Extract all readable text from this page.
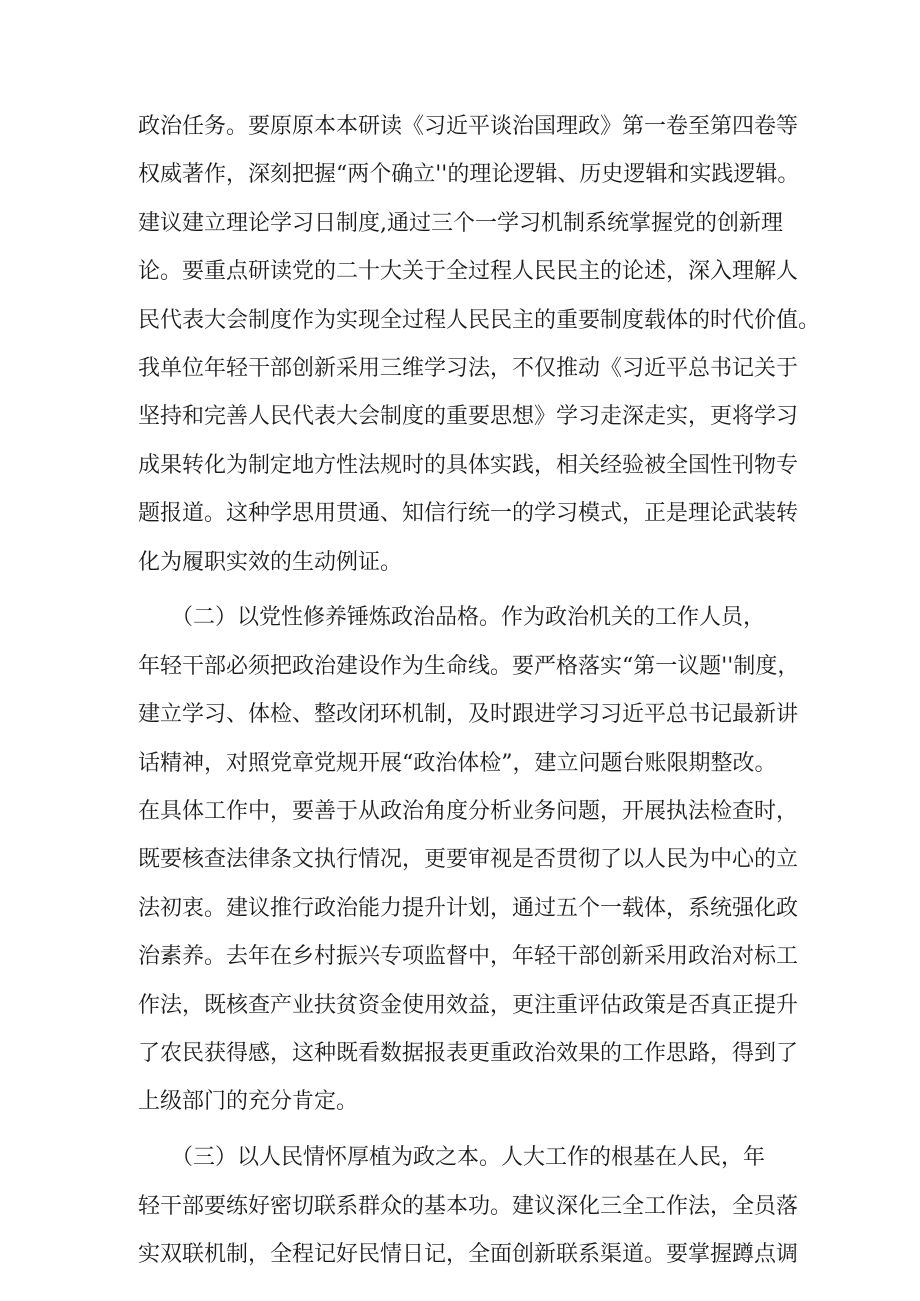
政治任务。要原原本本研读《习近平谈治国理政》第一卷至第四卷等
权威著作，深刻把握“两个确立''的理论逻辑、历史逻辑和实践逻辑。
建议建立理论学习日制度,通过三个一学习机制系统掌握党的创新理
论。要重点研读党的二十大关于全过程人民民主的论述，深入理解人
民代表大会制度作为实现全过程人民民主的重要制度载体的时代价值。
我单位年轻干部创新采用三维学习法，不仅推动《习近平总书记关于
坚持和完善人民代表大会制度的重要思想》学习走深走实，更将学习
成果转化为制定地方性法规时的具体实践，相关经验被全国性刊物专
题报道。这种学思用贯通、知信行统一的学习模式，正是理论武装转
化为履职实效的生动例证。
　　（二）以党性修养锤炼政治品格。作为政治机关的工作人员，
年轻干部必须把政治建设作为生命线。要严格落实“第一议题''制度，
建立学习、体检、整改闭环机制，及时跟进学习习近平总书记最新讲
话精神，对照党章党规开展“政治体检”，建立问题台账限期整改。
在具体工作中，要善于从政治角度分析业务问题，开展执法检查时，
既要核查法律条文执行情况，更要审视是否贯彻了以人民为中心的立
法初衷。建议推行政治能力提升计划，通过五个一载体，系统强化政
治素养。去年在乡村振兴专项监督中，年轻干部创新采用政治对标工
作法，既核查产业扶贫资金使用效益，更注重评估政策是否真正提升
了农民获得感，这种既看数据报表更重政治效果的工作思路，得到了
上级部门的充分肯定。
　　（三）以人民情怀厚植为政之本。人大工作的根基在人民，年
轻干部要练好密切联系群众的基本功。建议深化三全工作法，全员落
实双联机制，全程记好民情日记，全面创新联系渠道。要掌握蹲点调
